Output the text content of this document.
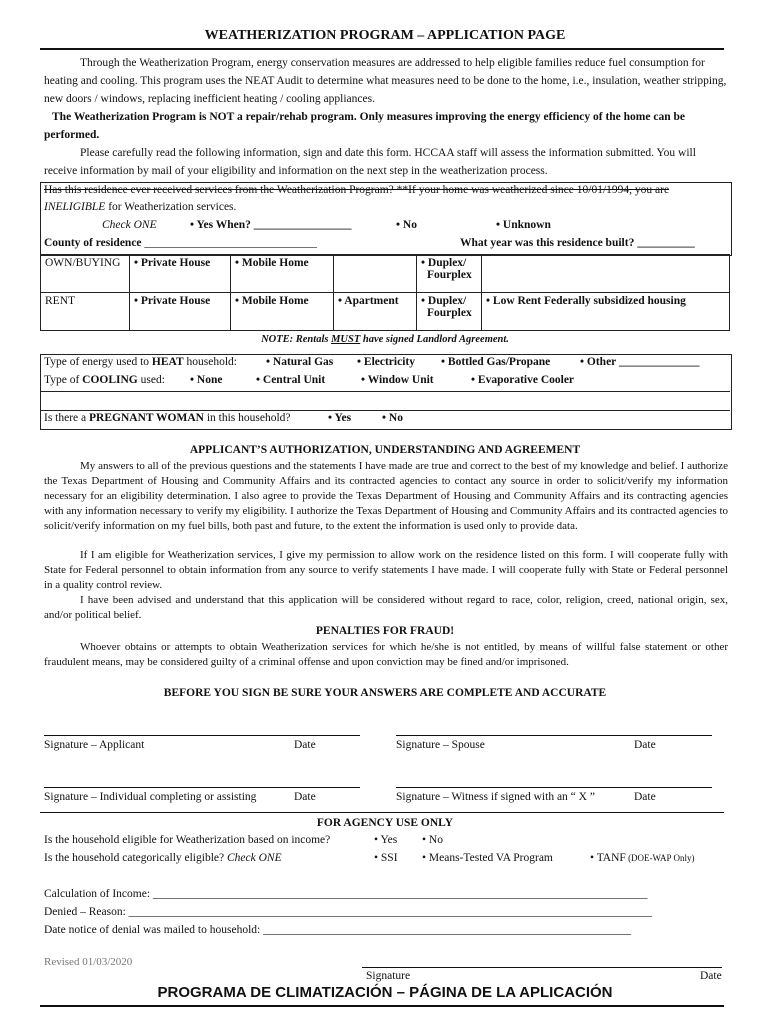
WEATHERIZATION PROGRAM – APPLICATION PAGE
Through the Weatherization Program, energy conservation measures are addressed to help eligible families reduce fuel consumption for heating and cooling. This program uses the NEAT Audit to determine what measures need to be done to the home, i.e., insulation, weather stripping, new doors / windows, replacing inefficient heating / cooling appliances.
The Weatherization Program is NOT a repair/rehab program. Only measures improving the energy efficiency of the home can be performed.
Please carefully read the following information, sign and date this form. HCCAA staff will assess the information submitted. You will receive information by mail of your eligibility and information on the next step in the weatherization process.
Has this residence ever received services from the Weatherization Program? **If your home was weatherized since 10/01/1994, you are
INELIGIBLE for Weatherization services.
Check ONE	• Yes When? _________________	• No	• Unknown
County of residence ______________________________	What year was this residence built? __________
OWN/BUYING	• Private House	• Mobile Home		• Duplex/
Fourplex	
RENT	• Private House	• Mobile Home	• Apartment	• Duplex/
Fourplex	• Low Rent Federally subsidized housing
NOTE: Rentals MUST have signed Landlord Agreement.
Type of energy used to HEAT household:	• Natural Gas • Electricity • Bottled Gas/Propane	• Other ______________
Type of COOLING used: • None	• Central Unit	• Window Unit	• Evaporative Cooler
Is there a PREGNANT WOMAN in this household?	• Yes	• No
APPLICANT’S AUTHORIZATION, UNDERSTANDING AND AGREEMENT
My answers to all of the previous questions and the statements I have made are true and correct to the best of my knowledge and belief. I authorize the Texas Department of Housing and Community Affairs and its contracted agencies to contact any source in order to solicit/verify my information necessary for an eligibility determination. I also agree to provide the Texas Department of Housing and Community Affairs and its contracting agencies with any information necessary to verify my eligibility. I authorize the Texas Department of Housing and Community Affairs and its contracted agencies to solicit/verify information on my fuel bills, both past and future, to the extent the information is used only to provide data.
If I am eligible for Weatherization services, I give my permission to allow work on the residence listed on this form. I will cooperate fully with State for Federal personnel to obtain information from any source to verify statements I have made. I will cooperate fully with State or Federal personnel in a quality control review.
I have been advised and understand that this application will be considered without regard to race, color, religion, creed, national origin, sex, and/or political belief.
PENALTIES FOR FRAUD!
Whoever obtains or attempts to obtain Weatherization services for which he/she is not entitled, by means of willful false statement or other fraudulent means, may be considered guilty of a criminal offense and upon conviction may be fined and/or imprisoned.
BEFORE YOU SIGN BE SURE YOUR ANSWERS ARE COMPLETE AND ACCURATE
Signature – Applicant	Date	Signature – Spouse	Date
Signature – Individual completing or assisting	Date	Signature – Witness if signed with an “ X ”	Date
FOR AGENCY USE ONLY
Is the household eligible for Weatherization based on income?	• Yes • No
Is the household categorically eligible? Check ONE	• SSI • Means-Tested VA Program	• TANF (DOE-WAP Only)
Calculation of Income: ______________________________________________________________________________________
Denied – Reason: ___________________________________________________________________________________________
Date notice of denial was mailed to household: ________________________________________________________________
Revised 01/03/2020
Signature	Date
PROGRAMA DE CLIMATIZACIÓN – PÁGINA DE LA APLICACIÓN
